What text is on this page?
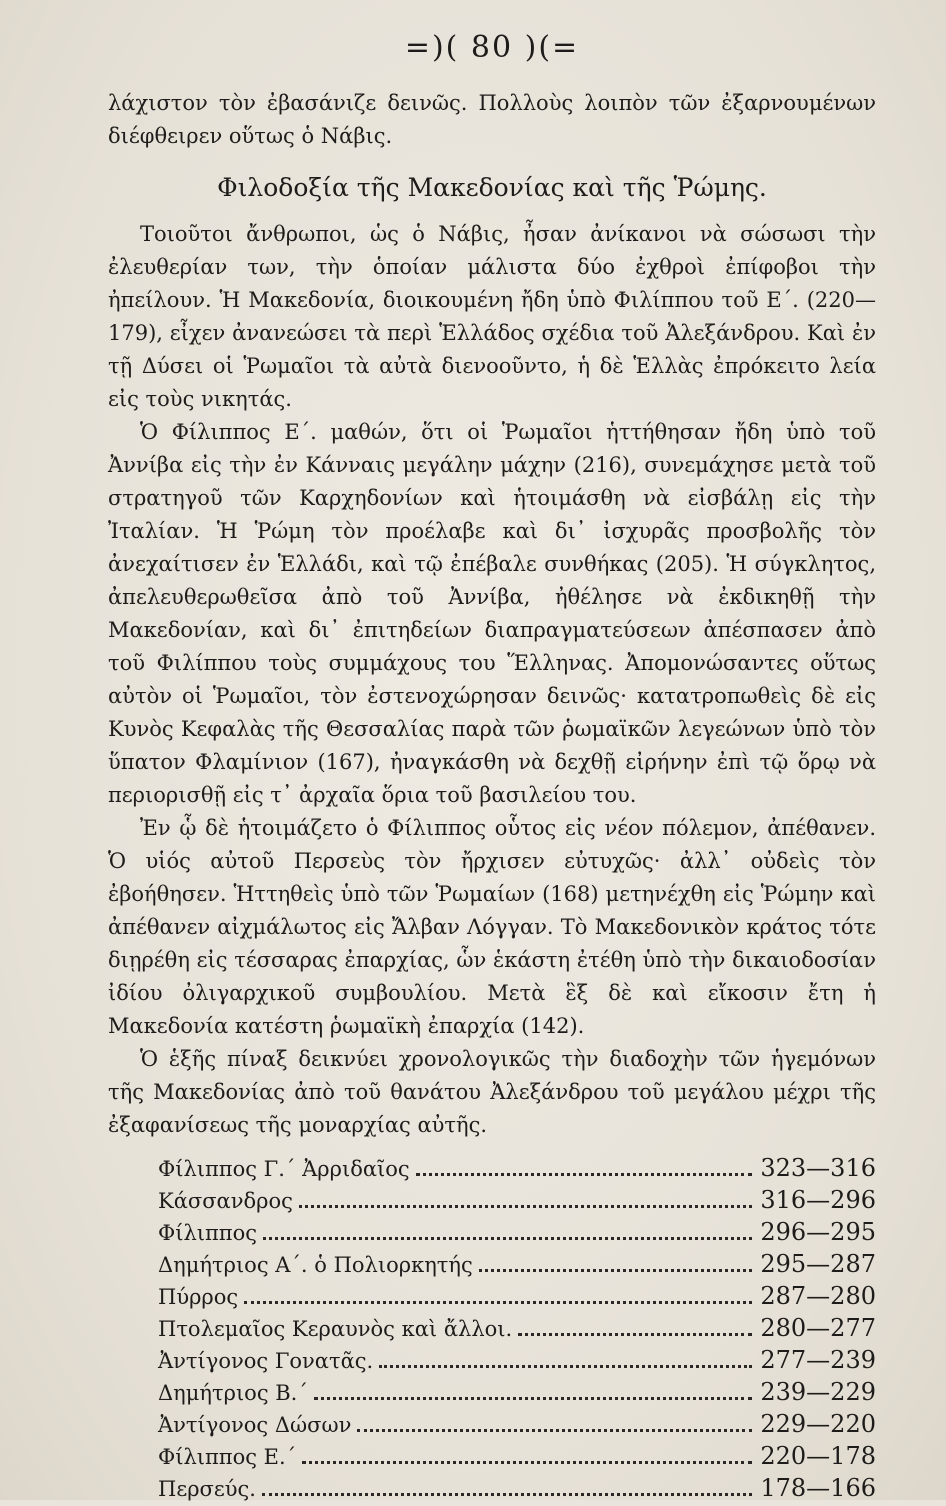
=)( 80 )(=

λάχιστον τὸν ἐβασάνιζε δεινῶς. Πολλοὺς λοιπὸν τῶν ἐξαρνουμένων διέφθειρεν οὕτως ὁ Νάβις.

Φιλοδοξία τῆς Μακεδονίας καὶ τῆς Ῥώμης.

Τοιοῦτοι ἄνθρωποι, ὡς ὁ Νάβις, ἦσαν ἀνίκανοι νὰ σώσωσι τὴν ἐλευθερίαν των, τὴν ὁποίαν μάλιστα δύο ἐχθροὶ ἐπίφοβοι τὴν ἠπείλουν. Ἡ Μακεδονία, διοικουμένη ἤδη ὑπὸ Φιλίππου τοῦ Ε΄. (220—179), εἶχεν ἀνανεώσει τὰ περὶ Ἑλλάδος σχέδια τοῦ Ἀλεξάνδρου. Καὶ ἐν τῇ Δύσει οἱ Ῥωμαῖοι τὰ αὐτὰ διενοοῦντο, ἡ δὲ Ἑλλὰς ἐπρόκειτο λεία εἰς τοὺς νικητάς.

Ὁ Φίλιππος Ε΄. μαθών, ὅτι οἱ Ῥωμαῖοι ἡττήθησαν ἤδη ὑπὸ τοῦ Ἀννίβα εἰς τὴν ἐν Κάνναις μεγάλην μάχην (216), συνεμάχησε μετὰ τοῦ στρατηγοῦ τῶν Καρχηδονίων καὶ ἡτοιμάσθη νὰ εἰσβάλῃ εἰς τὴν Ἰταλίαν. Ἡ Ῥώμη τὸν προέλαβε καὶ δι᾽ ἰσχυρᾶς προσβολῆς τὸν ἀνεχαίτισεν ἐν Ἑλλάδι, καὶ τῷ ἐπέβαλε συνθήκας (205). Ἡ σύγκλητος, ἀπελευθερωθεῖσα ἀπὸ τοῦ Ἀννίβα, ἠθέλησε νὰ ἐκδικηθῇ τὴν Μακεδονίαν, καὶ δι᾽ ἐπιτηδείων διαπραγματεύσεων ἀπέσπασεν ἀπὸ τοῦ Φιλίππου τοὺς συμμάχους του Ἕλληνας. Ἀπομονώσαντες οὕτως αὐτὸν οἱ Ῥωμαῖοι, τὸν ἐστενοχώρησαν δεινῶς· κατατροπωθεὶς δὲ εἰς Κυνὸς Κεφαλὰς τῆς Θεσσαλίας παρὰ τῶν ῥωμαϊκῶν λεγεώνων ὑπὸ τὸν ὕπατον Φλαμίνιον (167), ἠναγκάσθη νὰ δεχθῇ εἰρήνην ἐπὶ τῷ ὅρῳ νὰ περιορισθῇ εἰς τ᾽ ἀρχαῖα ὅρια τοῦ βασιλείου του.

Ἐν ᾧ δὲ ἡτοιμάζετο ὁ Φίλιππος οὗτος εἰς νέον πόλεμον, ἀπέθανεν. Ὁ υἱός αὐτοῦ Περσεὺς τὸν ἤρχισεν εὐτυχῶς· ἀλλ᾽ οὐδεὶς τὸν ἐβοήθησεν. Ἡττηθεὶς ὑπὸ τῶν Ῥωμαίων (168) μετηνέχθη εἰς Ῥώμην καὶ ἀπέθανεν αἰχμάλωτος εἰς Ἄλβαν Λόγγαν. Τὸ Μακεδονικὸν κράτος τότε διῃρέθη εἰς τέσσαρας ἐπαρχίας, ὧν ἑκάστη ἐτέθη ὑπὸ τὴν δικαιοδοσίαν ἰδίου ὀλιγαρχικοῦ συμβουλίου. Μετὰ ἓξ δὲ καὶ εἴκοσιν ἔτη ἡ Μακεδονία κατέστη ῥωμαϊκὴ ἐπαρχία (142).

Ὁ ἑξῆς πίναξ δεικνύει χρονολογικῶς τὴν διαδοχὴν τῶν ἡγεμόνων τῆς Μακεδονίας ἀπὸ τοῦ θανάτου Ἀλεξάνδρου τοῦ μεγάλου μέχρι τῆς ἐξαφανίσεως τῆς μοναρχίας αὐτῆς.

Φίλιππος Γ.΄ Ἀρριδαῖος	323—316
Κάσσανδρος	316—296
Φίλιππος	296—295
Δημήτριος Α΄. ὁ Πολιορκητής	295—287
Πύρρος	287—280
Πτολεμαῖος Κεραυνὸς καὶ ἄλλοι.	280—277
Ἀντίγονος Γονατᾶς.	277—239
Δημήτριος Β.΄	239—229
Ἀντίγονος Δώσων	229—220
Φίλιππος Ε.΄	220—178
Περσεύς.	178—166
